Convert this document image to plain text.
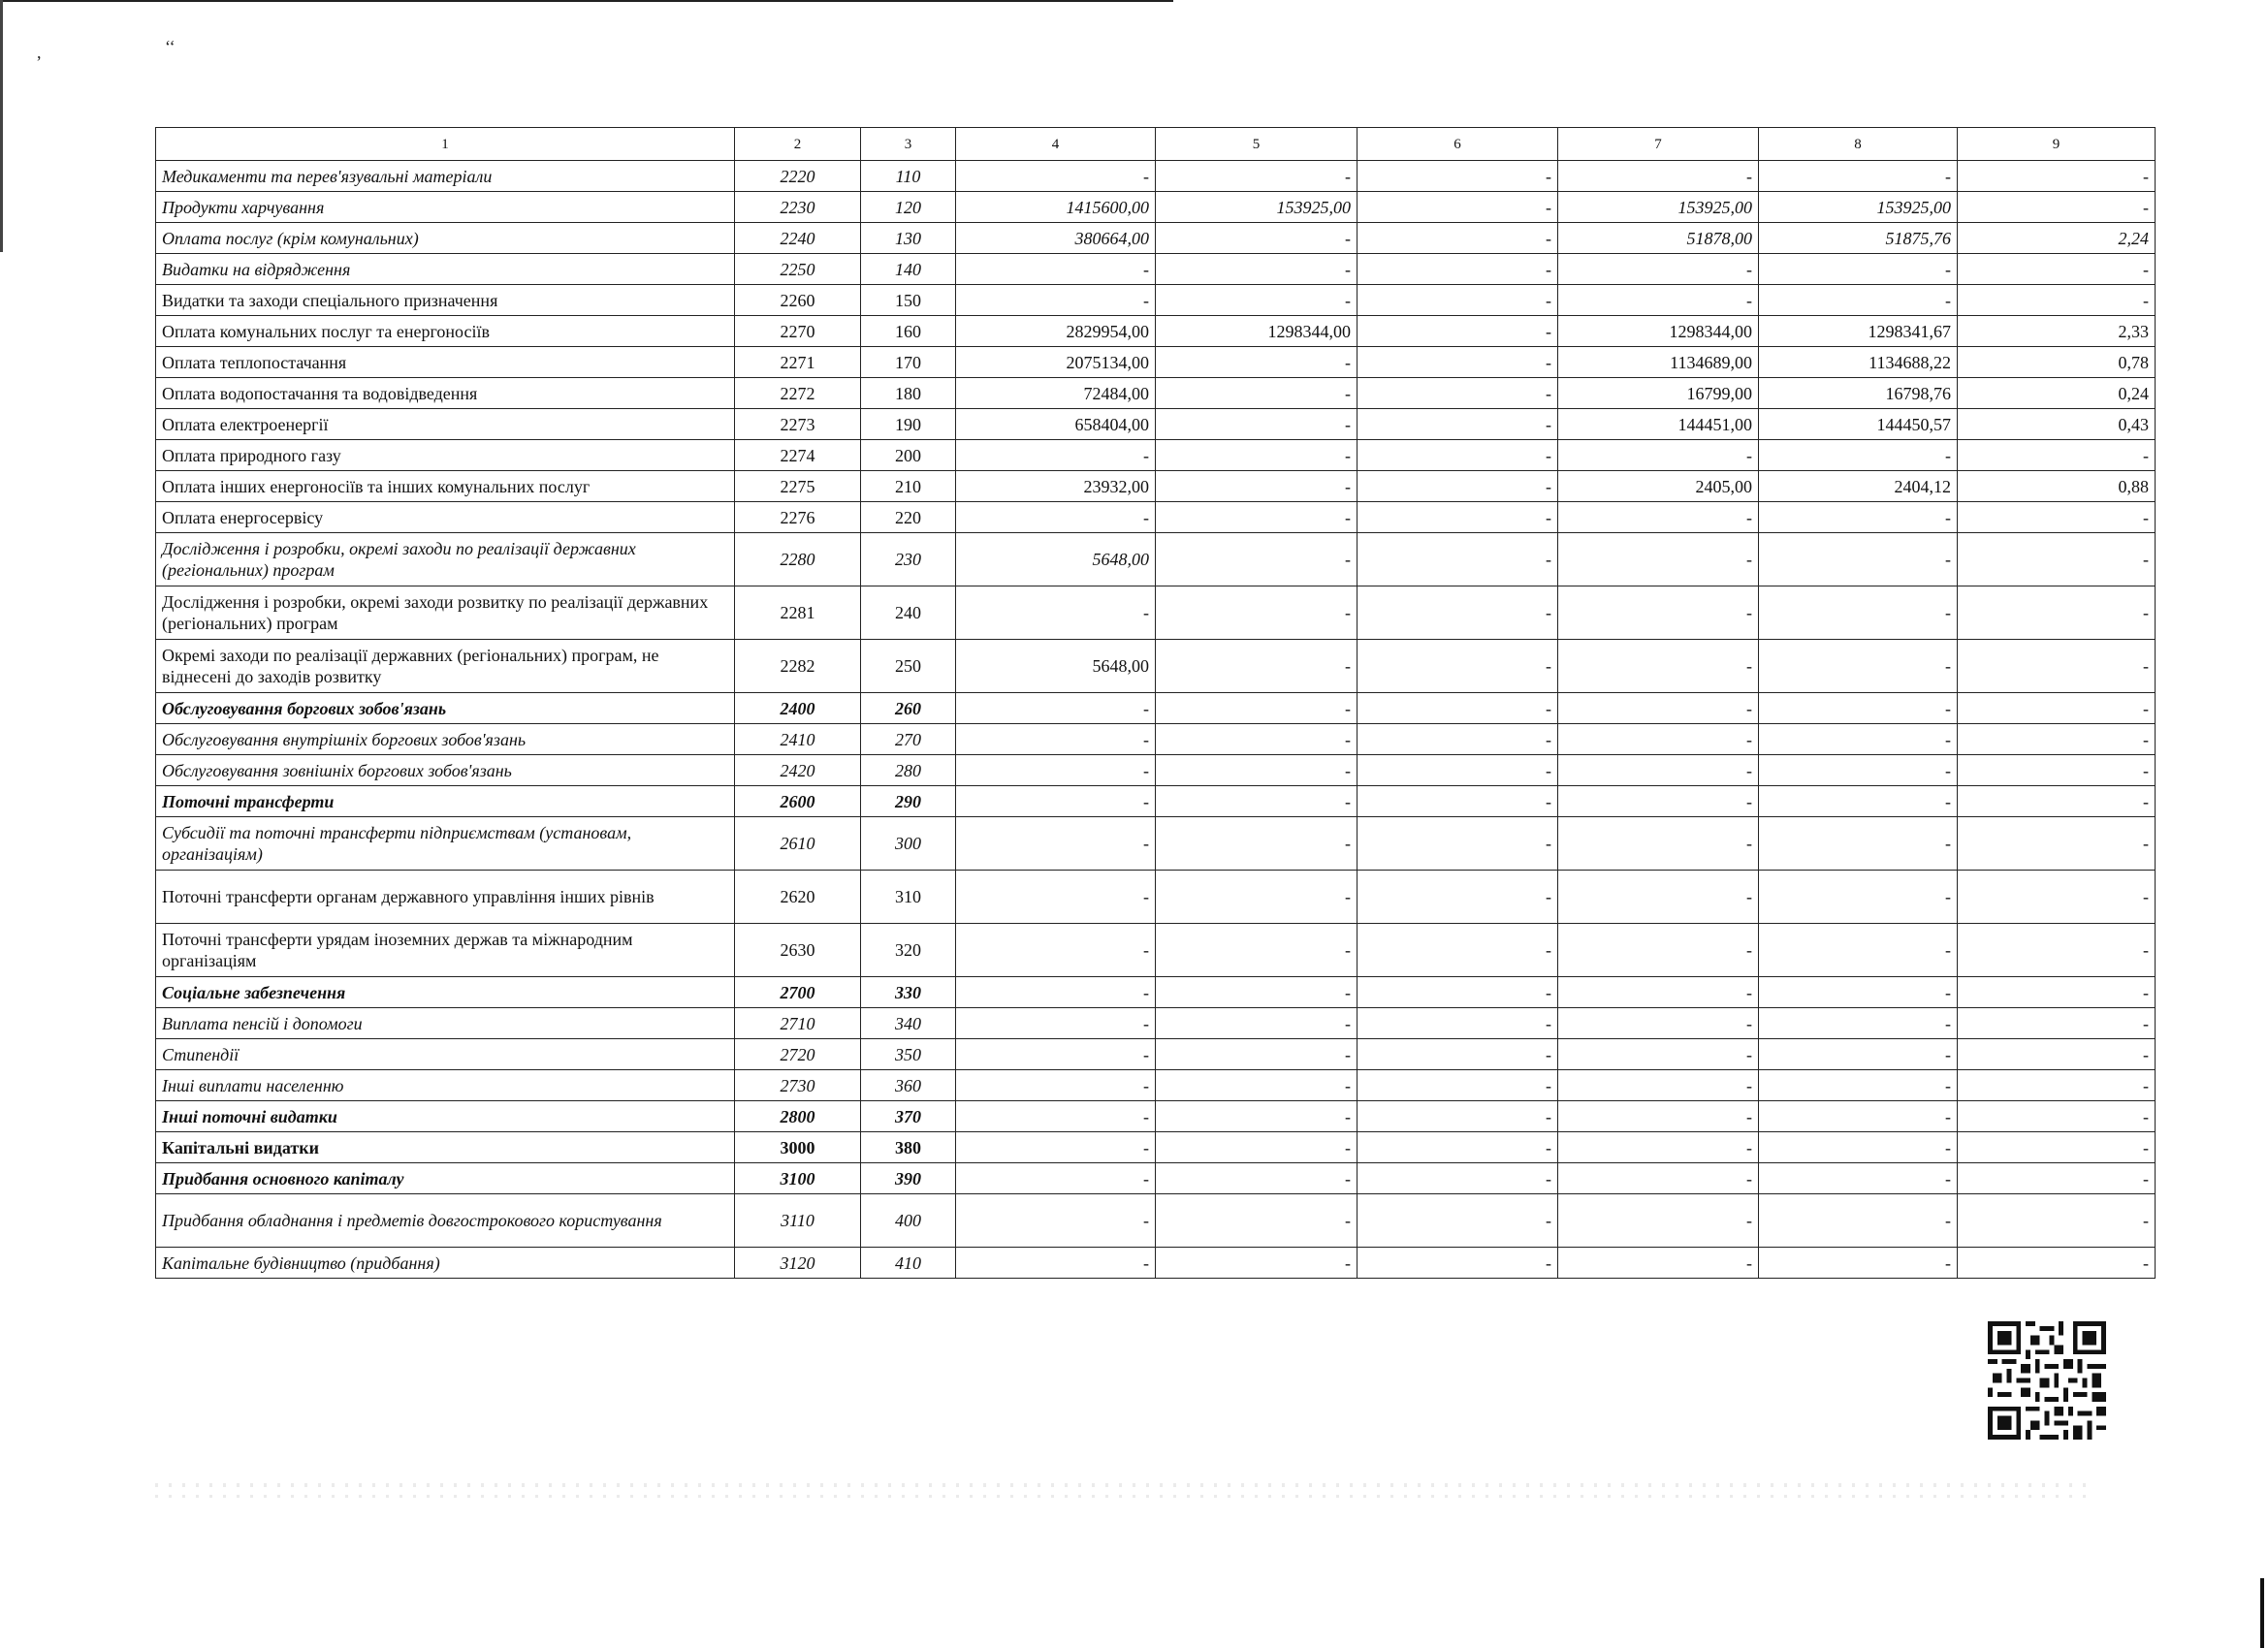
,	‘‘
1	2	3	4	5	6	7	8	9
Медикаменти та перев'язувальні матеріали	2220	110	-	-	-	-	-	-
Продукти харчування	2230	120	1415600,00	153925,00	-	153925,00	153925,00	-
Оплата послуг (крім комунальних)	2240	130	380664,00	-	-	51878,00	51875,76	2,24
Видатки на відрядження	2250	140	-	-	-	-	-	-
Видатки та заходи спеціального призначення	2260	150	-	-	-	-	-	-
Оплата комунальних послуг та енергоносіїв	2270	160	2829954,00	1298344,00	-	1298344,00	1298341,67	2,33
Оплата теплопостачання	2271	170	2075134,00	-	-	1134689,00	1134688,22	0,78
Оплата водопостачання та водовідведення	2272	180	72484,00	-	-	16799,00	16798,76	0,24
Оплата електроенергії	2273	190	658404,00	-	-	144451,00	144450,57	0,43
Оплата природного газу	2274	200	-	-	-	-	-	-
Оплата інших енергоносіїв та інших комунальних послуг	2275	210	23932,00	-	-	2405,00	2404,12	0,88
Оплата енергосервісу	2276	220	-	-	-	-	-	-
Дослідження і розробки, окремі заходи по реалізації державних (регіональних) програм	2280	230	5648,00	-	-	-	-	-
Дослідження і розробки, окремі заходи розвитку по реалізації державних (регіональних) програм	2281	240	-	-	-	-	-	-
Окремі заходи по реалізації державних (регіональних) програм, не віднесені до заходів розвитку	2282	250	5648,00	-	-	-	-	-
Обслуговування боргових зобов'язань	2400	260	-	-	-	-	-	-
Обслуговування внутрішніх боргових зобов'язань	2410	270	-	-	-	-	-	-
Обслуговування зовнішніх боргових зобов'язань	2420	280	-	-	-	-	-	-
Поточні трансферти	2600	290	-	-	-	-	-	-
Субсидії та поточні трансферти підприємствам (установам, організаціям)	2610	300	-	-	-	-	-	-
Поточні трансферти органам державного управління інших рівнів	2620	310	-	-	-	-	-	-
Поточні трансферти урядам іноземних держав та міжнародним організаціям	2630	320	-	-	-	-	-	-
Соціальне забезпечення	2700	330	-	-	-	-	-	-
Виплата пенсій і допомоги	2710	340	-	-	-	-	-	-
Стипендії	2720	350	-	-	-	-	-	-
Інші виплати населенню	2730	360	-	-	-	-	-	-
Інші поточні видатки	2800	370	-	-	-	-	-	-
Капітальні видатки	3000	380	-	-	-	-	-	-
Придбання основного капіталу	3100	390	-	-	-	-	-	-
Придбання обладнання і предметів довгострокового користування	3110	400	-	-	-	-	-	-
Капітальне будівництво (придбання)	3120	410	-	-	-	-	-	-
